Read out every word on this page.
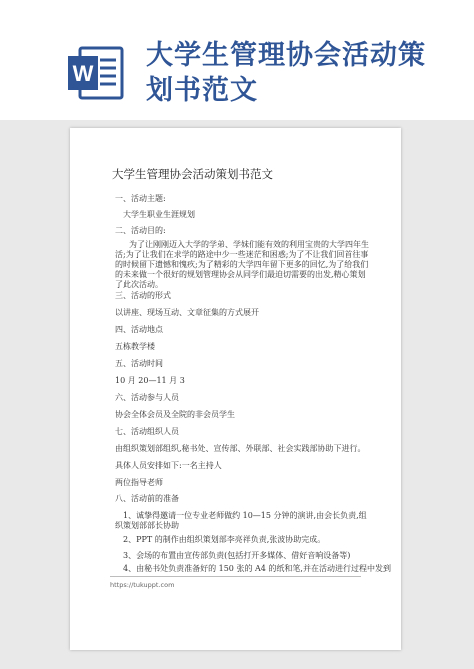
W
大学生管理协会活动策
划书范文
大学生管理协会活动策划书范文
一、活动主题:
大学生职业生涯规划
二、活动目的:
为了让刚刚迈入大学的学弟、学妹们能有效的利用宝贵的大学四年生活;为了让我们在求学的路途中少一些迷茫和困惑;为了不让我们回首往事的时候留下遗憾和愧疚;为了精彩的大学四年留下更多的回忆,为了给我们的未来做一个很好的规划管理协会从同学们最迫切需要的出发,精心策划了此次活动。
三、活动的形式
以讲座、现场互动、文章征集的方式展开
四、活动地点
五栋教学楼
五、活动时间
10 月 20—11 月 3
六、活动参与人员
协会全体会员及全院的非会员学生
七、活动组织人员
由组织策划部组织,秘书处、宣传部、外联部、社会实践部协助下进行。
具体人员安排如下:一名主持人
两位指导老师
八、活动前的准备
1、诚挚得邀请一位专业老师做约 10—15 分钟的演讲,由会长负责,组织策划部部长协助
2、PPT 的制作由组织策划部李亮祥负责,张波协助完成。
3、会场的布置由宣传部负责(包括打开多媒体、借好音响设备等)
4、由秘书处负责准备好的 150 张的 A4 的纸和笔,并在活动进行过程中发到
https://tukuppt.com
